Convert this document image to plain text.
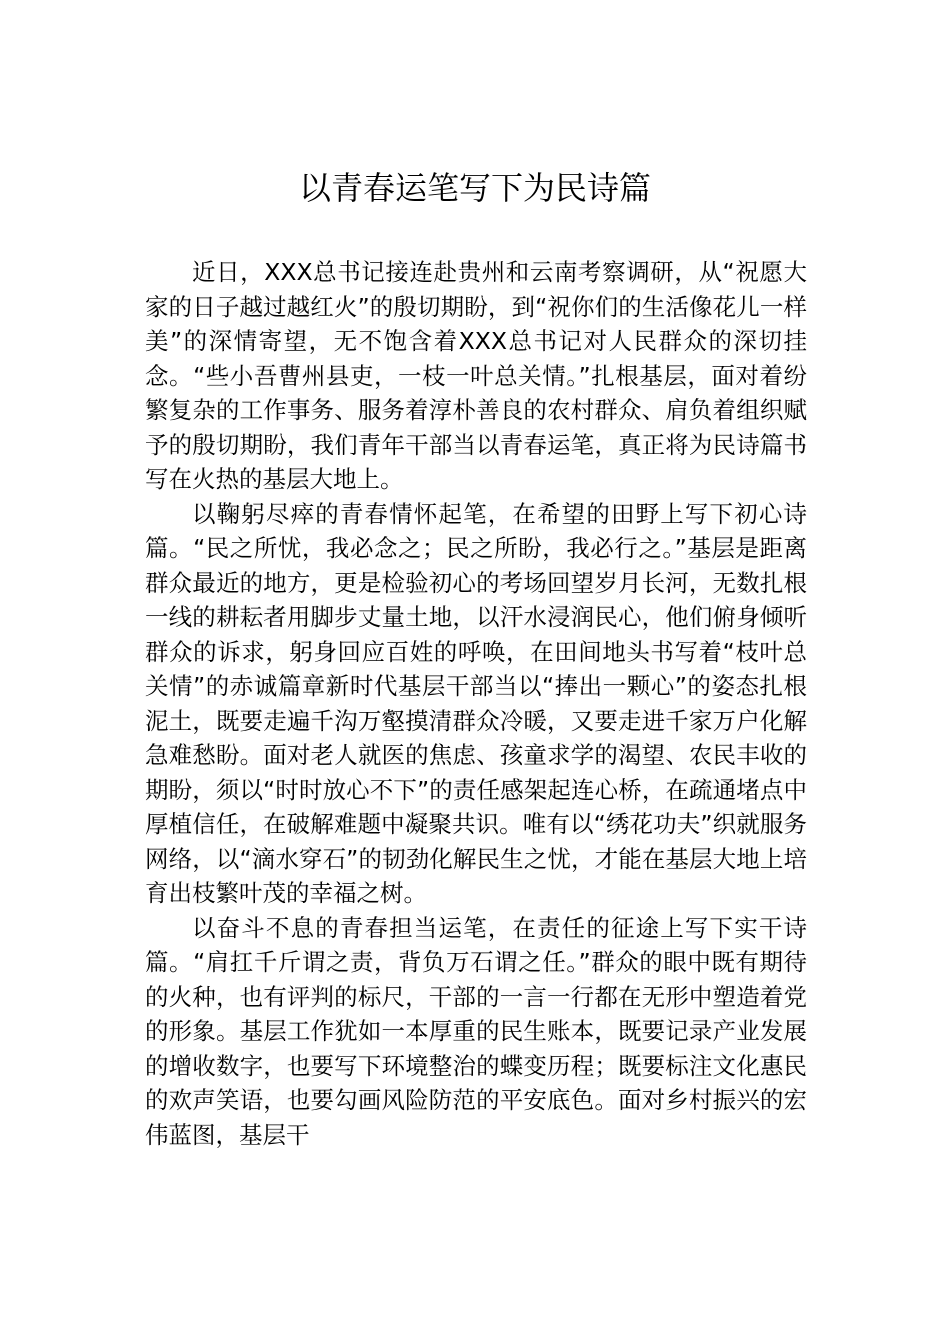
以青春运笔写下为民诗篇

近日，XXX总书记接连赴贵州和云南考察调研，从“祝愿大家的日子越过越红火”的殷切期盼，到“祝你们的生活像花儿一样美”的深情寄望，无不饱含着XXX总书记对人民群众的深切挂念。“些小吾曹州县吏，一枝一叶总关情。”扎根基层，面对着纷繁复杂的工作事务、服务着淳朴善良的农村群众、肩负着组织赋予的殷切期盼，我们青年干部当以青春运笔，真正将为民诗篇书写在火热的基层大地上。

以鞠躬尽瘁的青春情怀起笔，在希望的田野上写下初心诗篇。“民之所忧，我必念之；民之所盼，我必行之。”基层是距离群众最近的地方，更是检验初心的考场回望岁月长河，无数扎根一线的耕耘者用脚步丈量土地，以汗水浸润民心，他们俯身倾听群众的诉求，躬身回应百姓的呼唤，在田间地头书写着“枝叶总关情”的赤诚篇章新时代基层干部当以“捧出一颗心”的姿态扎根泥土，既要走遍千沟万壑摸清群众冷暖，又要走进千家万户化解急难愁盼。面对老人就医的焦虑、孩童求学的渴望、农民丰收的期盼，须以“时时放心不下”的责任感架起连心桥，在疏通堵点中厚植信任，在破解难题中凝聚共识。唯有以“绣花功夫”织就服务网络，以“滴水穿石”的韧劲化解民生之忧，才能在基层大地上培育出枝繁叶茂的幸福之树。

以奋斗不息的青春担当运笔，在责任的征途上写下实干诗篇。“肩扛千斤谓之责，背负万石谓之任。”群众的眼中既有期待的火种，也有评判的标尺，干部的一言一行都在无形中塑造着党的形象。基层工作犹如一本厚重的民生账本，既要记录产业发展的增收数字，也要写下环境整治的蝶变历程；既要标注文化惠民的欢声笑语，也要勾画风险防范的平安底色。面对乡村振兴的宏伟蓝图，基层干
